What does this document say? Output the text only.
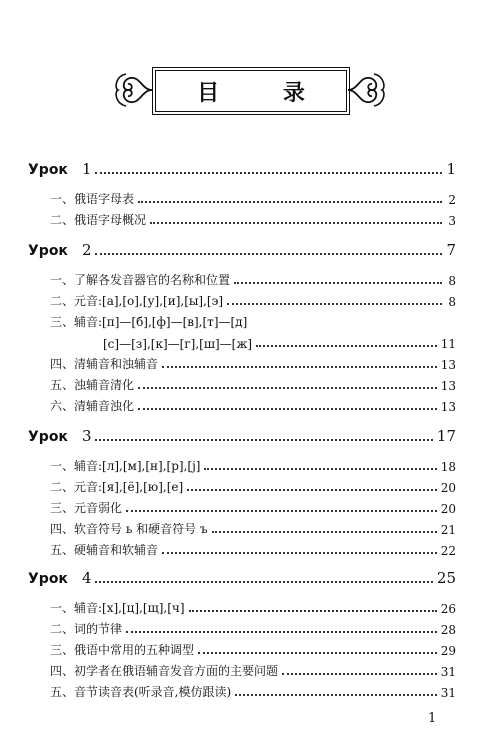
目 录
Урок 1	1
一、俄语字母表	2
二、俄语字母概况	3
Урок 2	7
一、了解各发音器官的名称和位置	8
二、元音:[а],[о],[у],[и],[ы],[э]	8
三、辅音:[п]—[б],[ф]—[в],[т]—[д]
[с]—[з],[к]—[г],[ш]—[ж]	11
四、清辅音和浊辅音	13
五、浊辅音清化	13
六、清辅音浊化	13
Урок 3	17
一、辅音:[л],[м],[н],[р],[j]	18
二、元音:[я],[ё],[ю],[е]	20
三、元音弱化	20
四、软音符号 ь 和硬音符号 ъ	21
五、硬辅音和软辅音	22
Урок 4	25
一、辅音:[х],[ц],[щ],[ч]	26
二、词的节律	28
三、俄语中常用的五种调型	29
四、初学者在俄语辅音发音方面的主要问题	31
五、音节读音表(听录音,模仿跟读)	31
1
